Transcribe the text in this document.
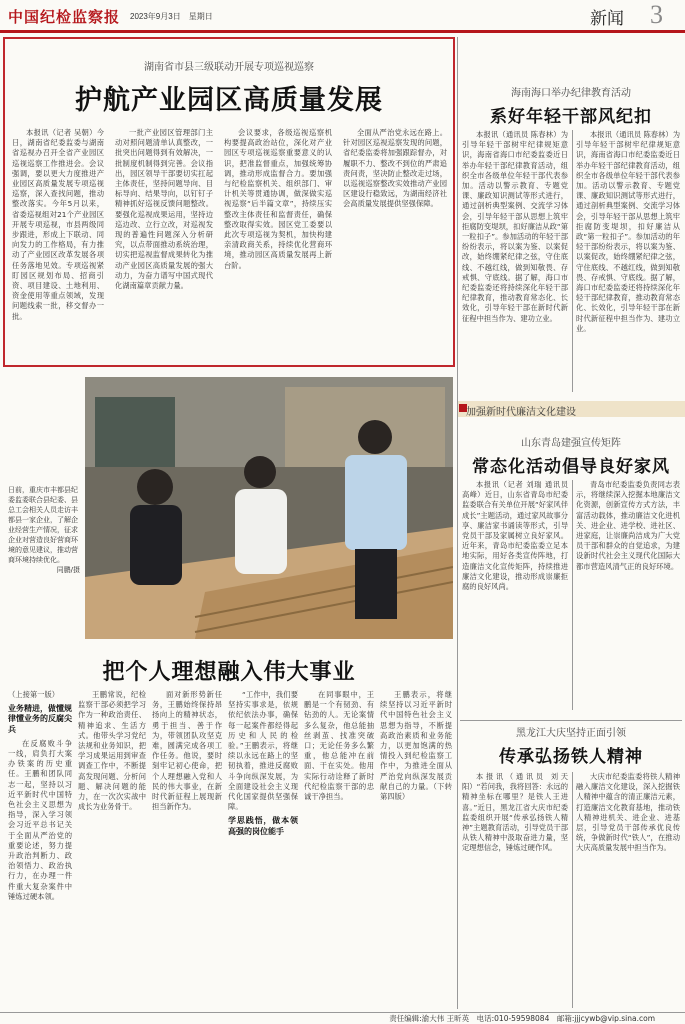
中国纪检监察报 2023年9月3日　星期日	新闻 3
湖南省市县三级联动开展专项巡视巡察
护航产业园区高质量发展

本报讯（记者 吴朝）今日，湖南省纪委监委与湖南省巡视办召开全省产业园区巡视巡察工作推进会。会议强调，要以更大力度推进产业园区高质量发展专项巡视巡察，深入查找问题，推动整改落实。今年5月以来，省委巡视组对21个产业园区开展专项巡视，市县两级同步跟进，形成上下联动、同向发力的工作格局，有力推动了产业园区改革发展各项任务落地见效。专项巡视紧盯园区规划布局、招商引资、项目建设、土地利用、资金使用等重点领域，发现问题线索一批，移交督办一批。

一批产业园区管理部门主动对照问题清单认真整改，一批突出问题得到有效解决，一批制度机制得到完善。会议指出，园区领导干部要切实扛起主体责任，坚持问题导向、目标导向、结果导向，以钉钉子精神抓好巡视反馈问题整改。要强化巡视成果运用，坚持边巡边改、立行立改，对巡视发现的普遍性问题深入分析研究，以点带面推动系统治理，切实把巡视监督成果转化为推动产业园区高质量发展的强大动力，为奋力谱写中国式现代化湖南篇章贡献力量。

会议要求，各级巡视巡察机构要提高政治站位，深化对产业园区专项巡视巡察重要意义的认识，把准监督重点，加强统筹协调，推动形成监督合力。要加强与纪检监察机关、组织部门、审计机关等贯通协调，做深做实巡视巡察“后半篇文章”，持续压实整改主体责任和监督责任，确保整改取得实效。园区党工委要以此次专项巡视为契机，加快构建亲清政商关系，持续优化营商环境，推动园区高质量发展再上新台阶。

全面从严治党永远在路上。针对园区巡视巡察发现的问题，省纪委监委将加强跟踪督办，对履职不力、整改不到位的严肃追责问责，坚决防止整改走过场，以巡视巡察整改实效推动产业园区建设行稳致远，为湖南经济社会高质量发展提供坚强保障。

海南海口举办纪律教育活动
系好年轻干部风纪扣

本报讯（通讯员 陈春林）为引导年轻干部树牢纪律规矩意识，海南省海口市纪委监委近日举办年轻干部纪律教育活动，组织全市各级单位年轻干部代表参加。活动以警示教育、专题党课、廉政知识测试等形式进行，通过剖析典型案例、交流学习体会，引导年轻干部从思想上筑牢拒腐防变堤坝，扣好廉洁从政“第一粒扣子”。参加活动的年轻干部纷纷表示，将以案为鉴、以案促改，始终绷紧纪律之弦，守住底线、不越红线，做到知敬畏、存戒惧、守底线。据了解，海口市纪委监委还将持续深化年轻干部纪律教育，推动教育常态化、长效化，引导年轻干部在新时代新征程中担当作为、建功立业。

本报讯（通讯员 陈春林）为引导年轻干部树牢纪律规矩意识，海南省海口市纪委监委近日举办年轻干部纪律教育活动，组织全市各级单位年轻干部代表参加。活动以警示教育、专题党课、廉政知识测试等形式进行，通过剖析典型案例、交流学习体会，引导年轻干部从思想上筑牢拒腐防变堤坝，扣好廉洁从政“第一粒扣子”。参加活动的年轻干部纷纷表示，将以案为鉴、以案促改，始终绷紧纪律之弦，守住底线、不越红线，做到知敬畏、存戒惧、守底线。据了解，海口市纪委监委还将持续深化年轻干部纪律教育，推动教育常态化、长效化，引导年轻干部在新时代新征程中担当作为、建功立业。

日前，重庆市丰都县纪委监委联合县纪委、县总工会相关人员走访丰都县一家企业，了解企业经营生产情况，征求企业对营造良好营商环境的意见建议，推动营商环境持续优化。
同鹏/摄
加强新时代廉洁文化建设
山东青岛建强宣传矩阵
常态化活动倡导良好家风

本报讯（记者 刘瑞 通讯员 高峰）近日，山东省青岛市纪委监委联合有关单位开展“好家风伴成长”主题活动，通过家风故事分享、廉洁家书诵读等形式，引导党员干部及家属树立良好家风。近年来，青岛市纪委监委立足本地实际，用好各类宣传阵地，打造廉洁文化宣传矩阵，持续推进廉洁文化建设，推动形成崇廉拒腐的良好风尚。

青岛市纪委监委负责同志表示，将继续深入挖掘本地廉洁文化资源，创新宣传方式方法，丰富活动载体，推动廉洁文化进机关、进企业、进学校、进社区、进家庭，让崇廉尚洁成为广大党员干部和群众的自觉追求，为建设新时代社会主义现代化国际大都市营造风清气正的良好环境。

黑龙江大庆坚持正面引领
传承弘扬铁人精神

本报讯（通讯员 刘天阳）“若问我，我将回答：永远的精神坐标在哪里？是铁人王进喜。”近日，黑龙江省大庆市纪委监委组织开展“传承弘扬铁人精神”主题教育活动，引导党员干部从铁人精神中汲取奋进力量，坚定理想信念，锤炼过硬作风。

大庆市纪委监委将铁人精神融入廉洁文化建设，深入挖掘铁人精神中蕴含的清正廉洁元素，打造廉洁文化教育基地，推动铁人精神进机关、进企业、进基层，引导党员干部传承优良传统，争做新时代“铁人”，在推动大庆高质量发展中担当作为。

把个人理想融入伟大事业
（上接第一版）
业务精进，做懂规律懂业务的反腐尖兵

在反腐败斗争一线，肩负打大案办铁案的历史重任。王鹏和团队同志一起，坚持以习近平新时代中国特色社会主义思想为指导，深入学习领会习近平总书记关于全面从严治党的重要论述，努力提升政治判断力、政治领悟力、政治执行力，在办理一件件重大复杂案件中锤炼过硬本领。

王鹏常说，纪检监察干部必须把学习作为一种政治责任、精神追求、生活方式。他带头学习党纪法规和业务知识，把学习成果运用到审查调查工作中，不断提高发现问题、分析问题、解决问题的能力，在一次次实战中成长为业务骨干。

面对新形势新任务，王鹏始终保持昂扬向上的精神状态，勇于担当、善于作为，带领团队攻坚克难，圆满完成各项工作任务。他说，要时刻牢记初心使命，把个人理想融入党和人民的伟大事业，在新时代新征程上展现新担当新作为。

“工作中，我们要坚持实事求是，依规依纪依法办事，确保每一起案件都经得起历史和人民的检验。”王鹏表示，将继续以永远在路上的坚韧执着，推进反腐败斗争向纵深发展，为全面建设社会主义现代化国家提供坚强保障。

学思践悟，做本领高强的岗位能手

在同事眼中，王鹏是一个有韧劲、有钻劲的人。无论案情多么复杂，他总能抽丝剥茧、找准突破口；无论任务多么繁重，他总能冲在前面、干在实处。他用实际行动诠释了新时代纪检监察干部的忠诚干净担当。

王鹏表示，将继续坚持以习近平新时代中国特色社会主义思想为指导，不断提高政治素质和业务能力，以更加饱满的热情投入到纪检监察工作中，为推进全面从严治党向纵深发展贡献自己的力量。（下转第四版）

责任编辑:渝大伟 王昕英　电话:010-59598084　邮箱:jjjcywb@vip.sina.com
